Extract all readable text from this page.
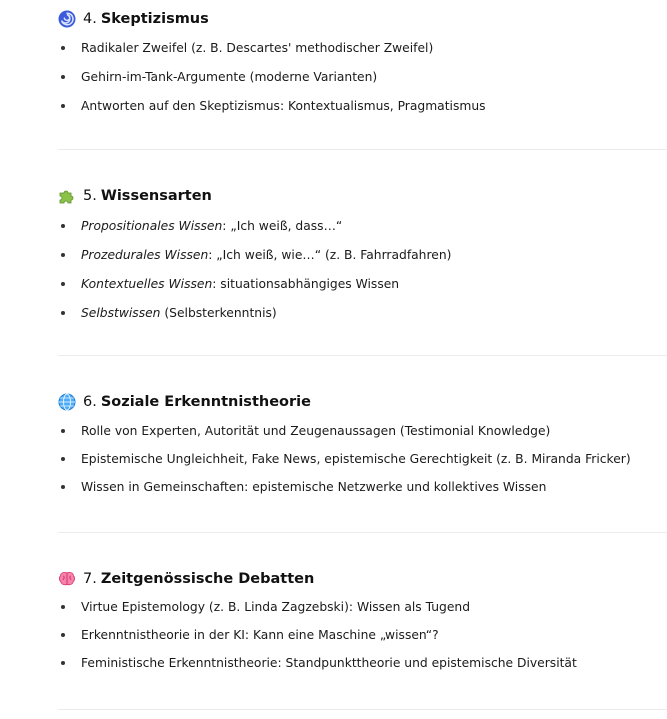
4. Skeptizismus
Radikaler Zweifel (z. B. Descartes' methodischer Zweifel)
Gehirn-im-Tank-Argumente (moderne Varianten)
Antworten auf den Skeptizismus: Kontextualismus, Pragmatismus
5. Wissensarten
Propositionales Wissen: „Ich weiß, dass…“
Prozedurales Wissen: „Ich weiß, wie…“ (z. B. Fahrradfahren)
Kontextuelles Wissen: situationsabhängiges Wissen
Selbstwissen (Selbsterkenntnis)
6. Soziale Erkenntnistheorie
Rolle von Experten, Autorität und Zeugenaussagen (Testimonial Knowledge)
Epistemische Ungleichheit, Fake News, epistemische Gerechtigkeit (z. B. Miranda Fricker)
Wissen in Gemeinschaften: epistemische Netzwerke und kollektives Wissen
7. Zeitgenössische Debatten
Virtue Epistemology (z. B. Linda Zagzebski): Wissen als Tugend
Erkenntnistheorie in der KI: Kann eine Maschine „wissen“?
Feministische Erkenntnistheorie: Standpunkttheorie und epistemische Diversität
